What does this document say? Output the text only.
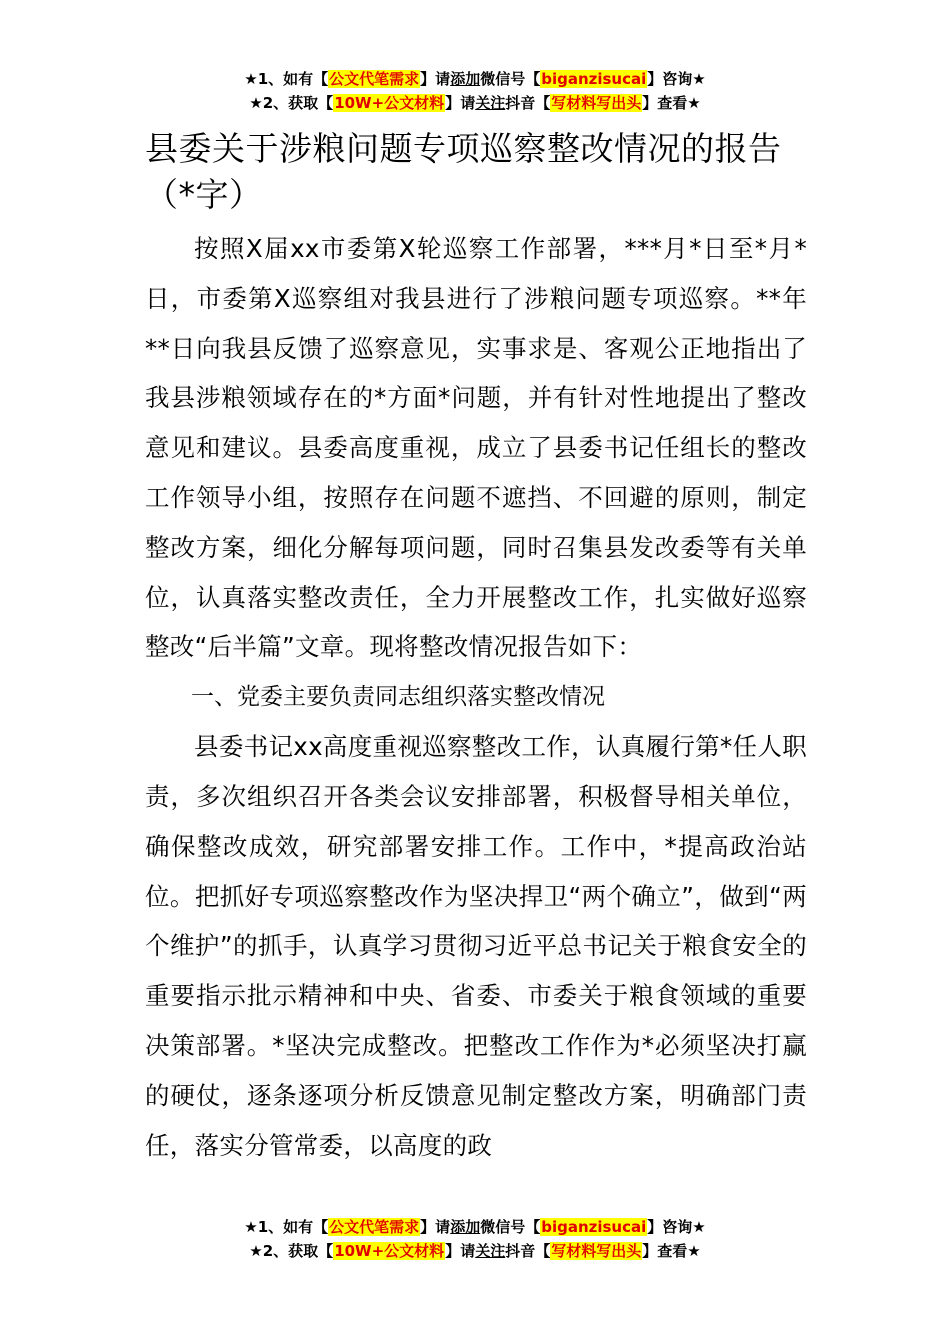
★1、如有【公文代笔需求】请添加微信号【biganzisucai】咨询★
★2、获取【10W+公文材料】请关注抖音【写材料写出头】查看★
县委关于涉粮问题专项巡察整改情况的报告（*字）

按照Ⅹ届xx市委第Ⅹ轮巡察工作部署，***月*日至*月*日，市委第Ⅹ巡察组对我县进行了涉粮问题专项巡察。**年**日向我县反馈了巡察意见，实事求是、客观公正地指出了我县涉粮领域存在的*方面*问题，并有针对性地提出了整改意见和建议。县委高度重视，成立了县委书记任组长的整改工作领导小组，按照存在问题不遮挡、不回避的原则，制定整改方案，细化分解每项问题，同时召集县发改委等有关单位，认真落实整改责任，全力开展整改工作，扎实做好巡察整改“后半篇”文章。现将整改情况报告如下：

一、党委主要负责同志组织落实整改情况

县委书记xx高度重视巡察整改工作，认真履行第*任人职责，多次组织召开各类会议安排部署，积极督导相关单位，确保整改成效，研究部署安排工作。工作中，*提高政治站位。把抓好专项巡察整改作为坚决捍卫“两个确立”，做到“两个维护”的抓手，认真学习贯彻习近平总书记关于粮食安全的重要指示批示精神和中央、省委、市委关于粮食领域的重要决策部署。*坚决完成整改。把整改工作作为*必须坚决打赢的硬仗，逐条逐项分析反馈意见制定整改方案，明确部门责任，落实分管常委，以高度的政

★1、如有【公文代笔需求】请添加微信号【biganzisucai】咨询★
★2、获取【10W+公文材料】请关注抖音【写材料写出头】查看★
